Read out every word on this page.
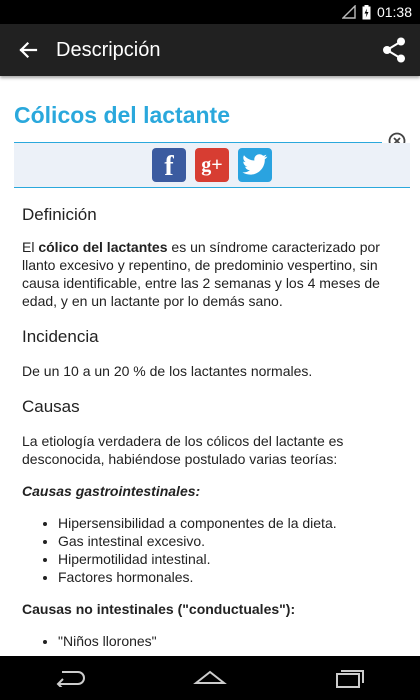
01:38
Descripción
Cólicos del lactante
f g+
Definición

El cólico del lactantes es un síndrome caracterizado por llanto excesivo y repentino, de predominio vespertino, sin causa identificable, entre las 2 semanas y los 4 meses de edad, y en un lactante por lo demás sano.

Incidencia

De un 10 a un 20 % de los lactantes normales.

Causas

La etiología verdadera de los cólicos del lactante es desconocida, habiéndose postulado varias teorías:

Causas gastrointestinales:

• Hipersensibilidad a componentes de la dieta.
• Gas intestinal excesivo.
• Hipermotilidad intestinal.
• Factores hormonales.

Causas no intestinales ("conductuales"):

• "Niños llorones"
